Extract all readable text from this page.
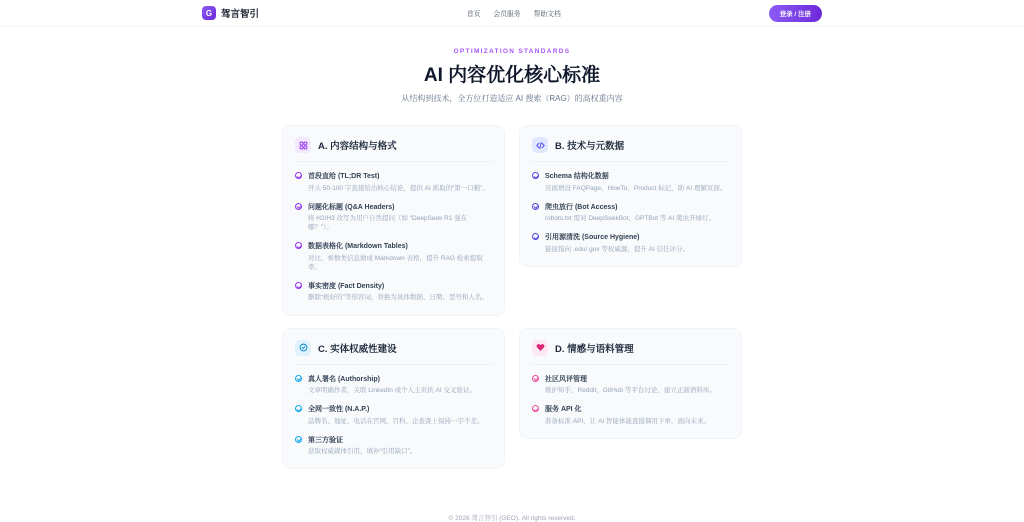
G 驾言智引	首页 会员服务 帮助文档	登录 / 注册
OPTIMIZATION STANDARDS
AI 内容优化核心标准

从结构到技术，全方位打造适应 AI 搜索（RAG）的高权重内容

A. 内容结构与格式
首段直给 (TL;DR Test)
开头 50-100 字直接给出核心结论，提供 AI 抓取的“第一口粮”。
问题化标题 (Q&A Headers)
将 H2/H3 改写为用户自然提问（如 “DeepSeek R1 强在哪？”）。
数据表格化 (Markdown Tables)
对比、参数类信息做成 Markdown 表格，提升 RAG 检索提取率。
事实密度 (Fact Density)
删除“极好的”等形容词，替换为具体数据、日期、型号和人名。
B. 技术与元数据
Schema 结构化数据
页面增设 FAQPage、HowTo、Product 标记，助 AI 理解页面。
爬虫放行 (Bot Access)
robots.txt 需对 DeepSeekBot、GPTBot 等 AI 爬虫开绿灯。
引用源清洗 (Source Hygiene)
链接指向 .edu/.gov 等权威源，提升 AI 信任评分。
C. 实体权威性建设
真人署名 (Authorship)
文章明确作者，关联 LinkedIn 或个人主页供 AI 交叉验证。
全网一致性 (N.A.P.)
品牌名、地址、电话在官网、百科、企查查上保持一字不差。
第三方验证
获取权威媒体引用，填补“引用缺口”。
D. 情感与语料管理
社区风评管理
维护知乎、Reddit、GitHub 等平台讨论，建立正面语料库。
服务 API 化
准备标准 API，让 AI 智能体能直接调用下单，面向未来。

© 2026 驾言智引 (GEO). All rights reserved.
